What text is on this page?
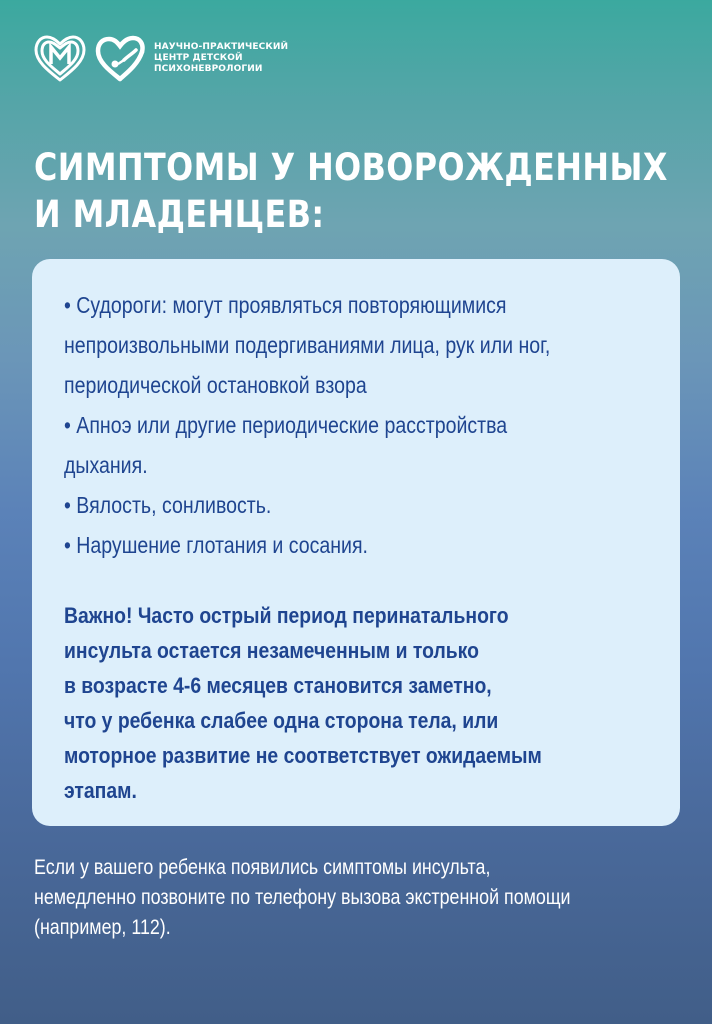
НАУЧНО-ПРАКТИЧЕСКИЙ
ЦЕНТР ДЕТСКОЙ
ПСИХОНЕВРОЛОГИИ
СИМПТОМЫ У НОВОРОЖДЕННЫХ
И МЛАДЕНЦЕВ:
• Судороги: могут проявляться повторяющимися
непроизвольными подергиваниями лица, рук или ног,
периодической остановкой взора
• Апноэ или другие периодические расстройства
дыхания.
• Вялость, сонливость.
• Нарушение глотания и сосания.
Важно! Часто острый период перинатального
инсульта остается незамеченным и только
в возрасте 4-6 месяцев становится заметно,
что у ребенка слабее одна сторона тела, или
моторное развитие не соответствует ожидаемым
этапам.
Если у вашего ребенка появились симптомы инсульта,
немедленно позвоните по телефону вызова экстренной помощи
(например, 112).
